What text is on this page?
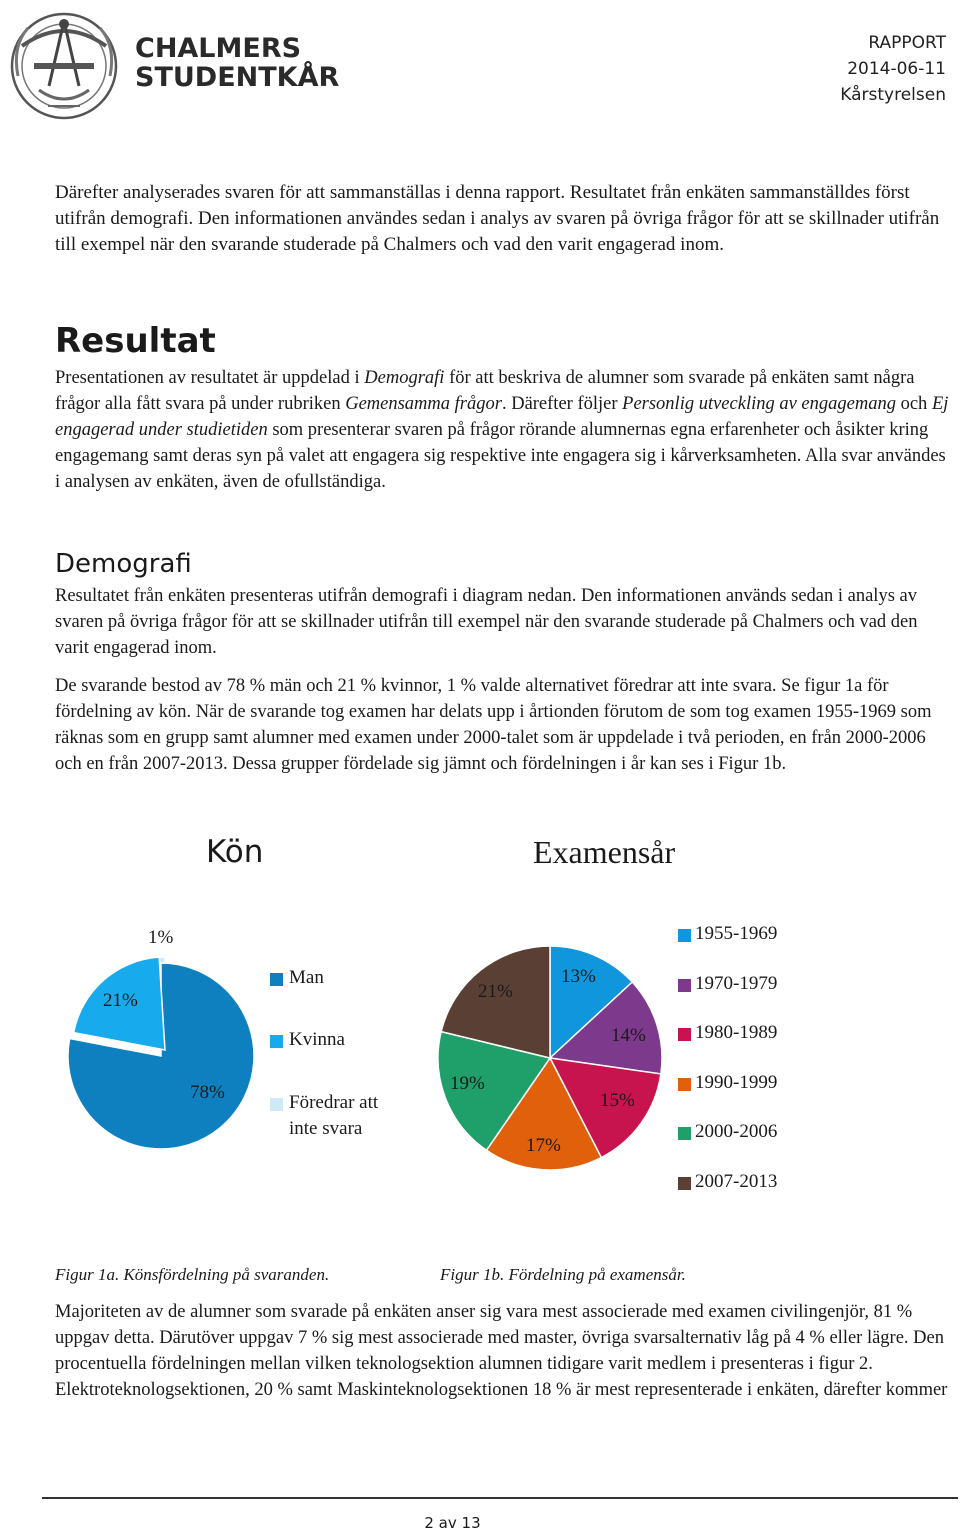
CHALMERS
STUDENTKÅR
RAPPORT
2014-06-11
Kårstyrelsen

Därefter analyserades svaren för att sammanställas i denna rapport. Resultatet från enkäten sammanställdes först utifrån demografi. Den informationen användes sedan i analys av svaren på övriga frågor för att se skillnader utifrån till exempel när den svarande studerade på Chalmers och vad den varit engagerad inom.

Resultat

Presentationen av resultatet är uppdelad i Demografi för att beskriva de alumner som svarade på enkäten samt några frågor alla fått svara på under rubriken Gemensamma frågor. Därefter följer Personlig utveckling av engagemang och Ej engagerad under studietiden som presenterar svaren på frågor rörande alumnernas egna erfarenheter och åsikter kring engagemang samt deras syn på valet att engagera sig respektive inte engagera sig i kårverksamheten. Alla svar användes i analysen av enkäten, även de ofullständiga.

Demografi

Resultatet från enkäten presenteras utifrån demografi i diagram nedan. Den informationen används sedan i analys av svaren på övriga frågor för att se skillnader utifrån till exempel när den svarande studerade på Chalmers och vad den varit engagerad inom.

De svarande bestod av 78 % män och 21 % kvinnor, 1 % valde alternativet föredrar att inte svara. Se figur 1a för fördelning av kön. När de svarande tog examen har delats upp i årtionden förutom de som tog examen 1955-1969 som räknas som en grupp samt alumner med examen under 2000-talet som är uppdelade i två perioden, en från 2000-2006 och en från 2007-2013. Dessa grupper fördelade sig jämnt och fördelningen i år kan ses i Figur 1b.

Kön	Examensår
1%
21%
78%
Man
Kvinna
Föredrar att
inte svara
13%
14%
15%
17%
19%
21%
1955-1969
1970-1979
1980-1989
1990-1999
2000-2006
2007-2013
Figur 1a. Könsfördelning på svaranden.	Figur 1b. Fördelning på examensår.

Majoriteten av de alumner som svarade på enkäten anser sig vara mest associerade med examen civilingenjör, 81 % uppgav detta. Därutöver uppgav 7 % sig mest associerade med master, övriga svarsalternativ låg på 4 % eller lägre. Den procentuella fördelningen mellan vilken teknologsektion alumnen tidigare varit medlem i presenteras i figur 2. Elektroteknologsektionen, 20 % samt Maskinteknologsektionen 18 % är mest representerade i enkäten, därefter kommer

2 av 13
